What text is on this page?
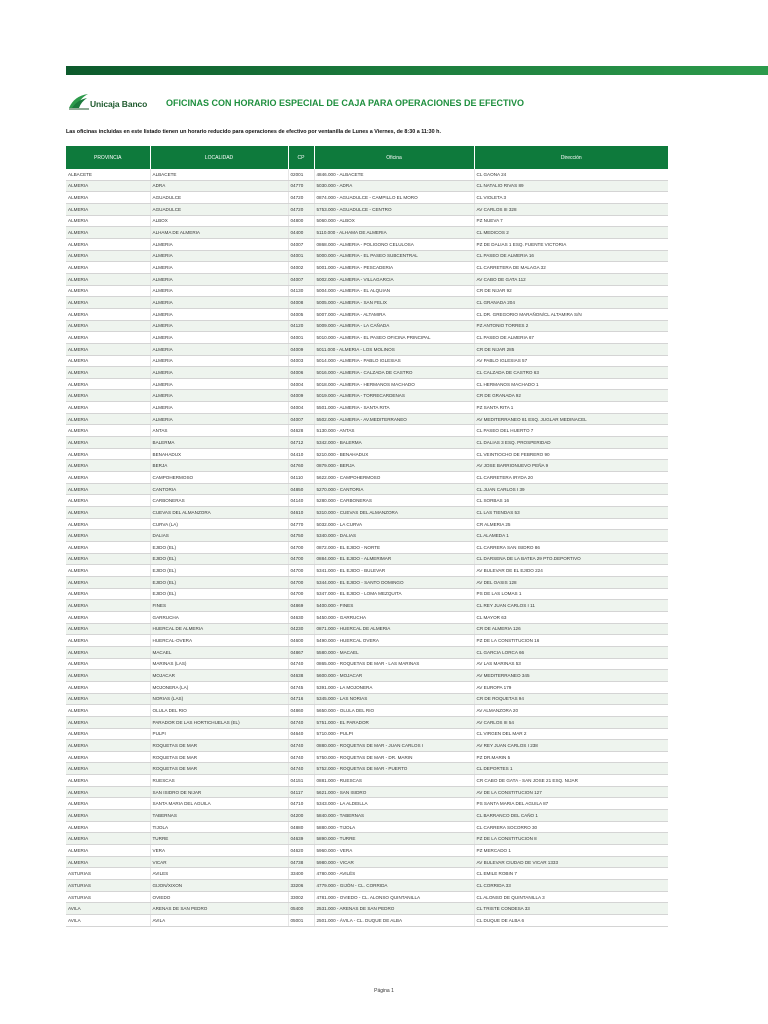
Unicaja Banco OFICINAS CON HORARIO ESPECIAL DE CAJA PARA OPERACIONES DE EFECTIVO
Las oficinas incluidas en este listado tienen un horario reducido para operaciones de efectivo por ventanilla de Lunes a Viernes, de 8:30 a 11:30 h.
PROVINCIA	LOCALIDAD	CP	Oficina	Dirección
ALBACETE	ALBACETE	02001	4846.000 - ALBACETE	CL GAONA 24
ALMERIA	ADRA	04770	5030.000 - ADRA	CL NATALIO RIVAS 89
ALMERIA	AGUADULCE	04720	0874.000 - AGUADULCE - CAMPILLO EL MORO	CL VIOLETA 3
ALMERIA	AGUADULCE	04720	5753.000 - AGUADULCE - CENTRO	AV CARLOS III 328
ALMERIA	ALBOX	04800	5060.000 - ALBOX	PZ NUEVA 7
ALMERIA	ALHAMA DE ALMERIA	04400	5110.000 - ALHAMA DE ALMERIA	CL MEDICOS 2
ALMERIA	ALMERIA	04007	0868.000 - ALMERIA - POLIGONO CELULOSA	PZ DE DALIAS 1 ESQ. FUENTE VICTORIA
ALMERIA	ALMERIA	04001	5000.000 - ALMERIA - EL PASEO SUBCENTRAL	CL PASEO DE ALMERIA 16
ALMERIA	ALMERIA	04002	5001.000 - ALMERIA - PESCADERIA	CL CARRETERA DE MALAGA 32
ALMERIA	ALMERIA	04007	5002.000 - ALMERIA - VILLAGARCIA	AV CABO DE GATA 112
ALMERIA	ALMERIA	04130	5004.000 - ALMERIA - EL ALQUIAN	CR DE NIJAR 92
ALMERIA	ALMERIA	04008	5005.000 - ALMERIA - SAN FELIX	CL GRANADA 204
ALMERIA	ALMERIA	04005	5007.000 - ALMERIA - ALTAMIRA	CL DR. GREGORIO MARAÑON/CL ALTAMIRA S/N
ALMERIA	ALMERIA	04120	5009.000 - ALMERIA - LA CAÑADA	PZ ANTONIO TORRES 2
ALMERIA	ALMERIA	04001	5010.000 - ALMERIA - EL PASEO OFICINA PRINCIPAL	CL PASEO DE ALMERIA 67
ALMERIA	ALMERIA	04009	5011.000 - ALMERIA - LOS MOLINOS	CR DE NIJAR 285
ALMERIA	ALMERIA	04003	5014.000 - ALMERIA - PABLO IGLESIAS	AV PABLO IGLESIAS 57
ALMERIA	ALMERIA	04006	5016.000 - ALMERIA - CALZADA DE CASTRO	CL CALZADA DE CASTRO 63
ALMERIA	ALMERIA	04004	5018.000 - ALMERIA - HERMANOS MACHADO	CL HERMANOS MACHADO 1
ALMERIA	ALMERIA	04009	5019.000 - ALMERIA - TORRECARDENAS	CR DE GRANADA 92
ALMERIA	ALMERIA	04004	5501.000 - ALMERIA - SANTA RITA	PZ SANTA RITA 1
ALMERIA	ALMERIA	04007	5502.000 - ALMERIA - AV.MEDITERRANEO	AV MEDITERRANEO 81 ESQ. JUGLAR MEDINACEL
ALMERIA	ANTAS	04628	5130.000 - ANTAS	CL PASEO DEL HUERTO 7
ALMERIA	BALERMA	04712	5342.000 - BALERMA	CL DALIAS 3 ESQ. PROSPERIDAD
ALMERIA	BENAHADUX	04410	5210.000 - BENAHADUX	CL VEINTIOCHO DE FEBRERO 90
ALMERIA	BERJA	04760	0879.000 - BERJA	AV JOSE BARRIONUEVO PEÑA 9
ALMERIA	CAMPOHERMOSO	04110	5622.000 - CAMPOHERMOSO	CL CARRETERA IRYDA 20
ALMERIA	CANTORIA	04850	5270.000 - CANTORIA	CL JUAN CARLOS I 39
ALMERIA	CARBONERAS	04140	5280.000 - CARBONERAS	CL SORBAS 16
ALMERIA	CUEVAS DEL ALMANZORA	04610	5310.000 - CUEVAS DEL ALMANZORA	CL LAS TIENDAS 53
ALMERIA	CURVA (LA)	04770	5032.000 - LA CURVA	CR ALMERIA 25
ALMERIA	DALIAS	04750	5340.000 - DALIAS	CL ALAMEDA 1
ALMERIA	EJIDO (EL)	04700	0872.000 - EL EJIDO - NORTE	CL CARRERA SAN ISIDRO 86
ALMERIA	EJIDO (EL)	04700	0884.000 - EL EJIDO - ALMERIMAR	CL DARSENA DE LA BATEA 29 PTO.DEPORTIVO
ALMERIA	EJIDO (EL)	04700	5341.000 - EL EJIDO - BULEVAR	AV BULEVAR DE EL EJIDO 224
ALMERIA	EJIDO (EL)	04700	5344.000 - EL EJIDO - SANTO DOMINGO	AV DEL OASIS 128
ALMERIA	EJIDO (EL)	04700	5347.000 - EL EJIDO - LOMA MEZQUITA	PS DE LAS LOMAS 1
ALMERIA	FINES	04869	5400.000 - FINES	CL REY JUAN CARLOS I 11
ALMERIA	GARRUCHA	04630	5450.000 - GARRUCHA	CL MAYOR 63
ALMERIA	HUERCAL DE ALMERIA	04230	0871.000 - HUERCAL DE ALMERIA	CR DE ALMERIA 126
ALMERIA	HUERCAL-OVERA	04600	5490.000 - HUERCAL OVERA	PZ DE LA CONSTITUCION 16
ALMERIA	MACAEL	04867	5580.000 - MACAEL	CL GARCIA LORCA 66
ALMERIA	MARINAS (LAS)	04740	0865.000 - ROQUETAS DE MAR - LAS MARINAS	AV LAS MARINAS 53
ALMERIA	MOJACAR	04638	5600.000 - MOJACAR	AV MEDITERRANEO 345
ALMERIA	MOJONERA (LA)	04745	5391.000 - LA MOJONERA	AV EUROPA 179
ALMERIA	NORIAS (LAS)	04716	5345.000 - LAS NORIAS	CR DE ROQUETAS 94
ALMERIA	OLULA DEL RIO	04860	5650.000 - OLULA DEL RIO	AV ALMANZORA 20
ALMERIA	PARADOR DE LAS HORTICHUELAS (EL)	04740	5751.000 - EL PARADOR	AV CARLOS III 54
ALMERIA	PULPI	04640	5710.000 - PULPI	CL VIRGEN DEL MAR 2
ALMERIA	ROQUETAS DE MAR	04740	0880.000 - ROQUETAS DE MAR - JUAN CARLOS I	AV REY JUAN CARLOS I 238
ALMERIA	ROQUETAS DE MAR	04740	5750.000 - ROQUETAS DE MAR - DR. MARIN	PZ DR.MARIN 5
ALMERIA	ROQUETAS DE MAR	04740	5752.000 - ROQUETAS DE MAR - PUERTO	CL DEPORTES 1
ALMERIA	RUESCAS	04151	0881.000 - RUESCAS	CR CABO DE GATA - SAN JOSE 21 ESQ. NIJAR
ALMERIA	SAN ISIDRO DE NIJAR	04117	5621.000 - SAN ISIDRO	AV DE LA CONSTITUCION 127
ALMERIA	SANTA MARIA DEL AGUILA	04710	5343.000 - LA ALDEILLA	PS SANTA MARIA DEL AGUILA 87
ALMERIA	TABERNAS	04200	5840.000 - TABERNAS	CL BARRANCO DEL CAÑO 1
ALMERIA	TIJOLA	04880	5880.000 - TIJOLA	CL CARRERA SOCORRO 30
ALMERIA	TURRE	04639	5890.000 - TURRE	PZ DE LA CONSTITUCION 8
ALMERIA	VERA	04620	5960.000 - VERA	PZ MERCADO 1
ALMERIA	VICAR	04738	5980.000 - VICAR	AV BULEVAR CIUDAD DE VICAR 1333
ASTURIAS	AVILES	33400	4780.000 - AVILÉS	CL EMILE ROBIN 7
ASTURIAS	GIJON/XIXON	33206	4779.000 - GIJÓN - CL. CORRIDA	CL CORRIDA 33
ASTURIAS	OVIEDO	33002	4781.000 - OVIEDO - CL. ALONSO QUINTANILLA	CL ALONSO DE QUINTANILLA 3
AVILA	ARENAS DE SAN PEDRO	05400	2531.000 - ARENAS DE SAN PEDRO	CL TRISTE CONDESA 33
AVILA	AVILA	05001	2501.000 - ÁVILA - CL. DUQUE DE ALBA	CL DUQUE DE ALBA 6
Página 1
